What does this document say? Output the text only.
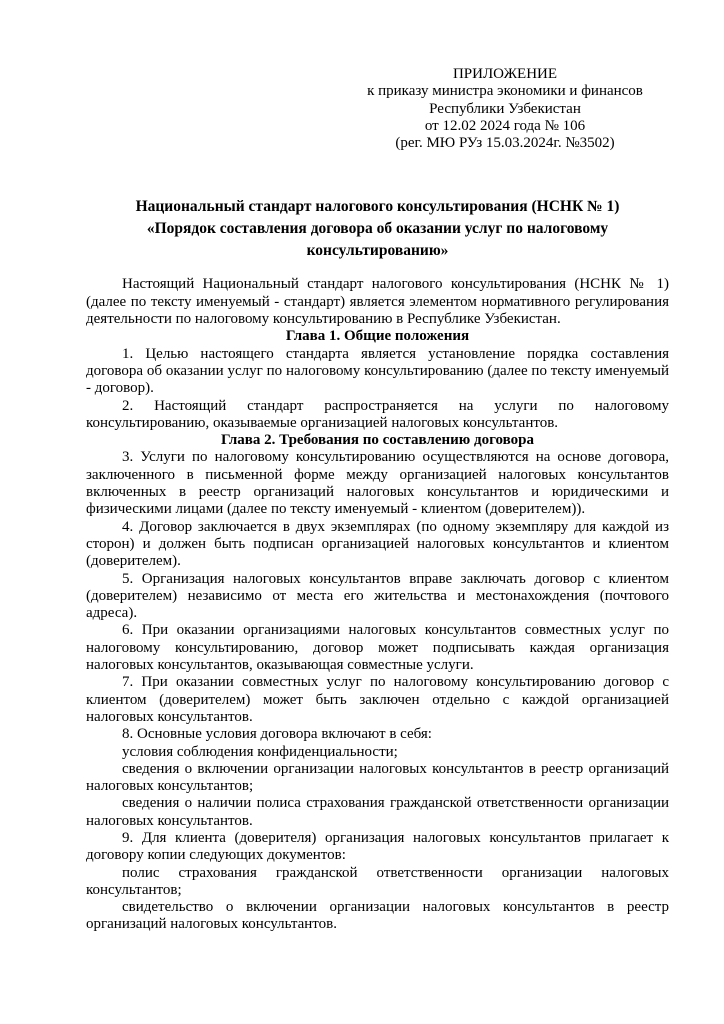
ПРИЛОЖЕНИЕ
к приказу министра экономики и финансов
Республики Узбекистан
от 12.02 2024 года № 106
(рег. МЮ РУз 15.03.2024г. №3502)
Национальный стандарт налогового консультирования (НСНК № 1)
«Порядок составления договора об оказании услуг по налоговому консультированию»

Настоящий Национальный стандарт налогового консультирования (НСНК № 1) (далее по тексту именуемый - стандарт) является элементом нормативного регулирования деятельности по налоговому консультированию в Республике Узбекистан.

Глава 1. Общие положения

1. Целью настоящего стандарта является установление порядка составления договора об оказании услуг по налоговому консультированию (далее по тексту именуемый - договор).

2. Настоящий стандарт распространяется на услуги по налоговому консультированию, оказываемые организацией налоговых консультантов.

Глава 2. Требования по составлению договора

3. Услуги по налоговому консультированию осуществляются на основе договора, заключенного в письменной форме между организацией налоговых консультантов включенных в реестр организаций налоговых консультантов и юридическими и физическими лицами (далее по тексту именуемый - клиентом (доверителем)).

4. Договор заключается в двух экземплярах (по одному экземпляру для каждой из сторон) и должен быть подписан организацией налоговых консультантов и клиентом (доверителем).

5. Организация налоговых консультантов вправе заключать договор с клиентом (доверителем) независимо от места его жительства и местонахождения (почтового адреса).

6. При оказании организациями налоговых консультантов совместных услуг по налоговому консультированию, договор может подписывать каждая организация налоговых консультантов, оказывающая совместные услуги.

7. При оказании совместных услуг по налоговому консультированию договор с клиентом (доверителем) может быть заключен отдельно с каждой организацией налоговых консультантов.

8. Основные условия договора включают в себя:

условия соблюдения конфиденциальности;

сведения о включении организации налоговых консультантов в реестр организаций налоговых консультантов;

сведения о наличии полиса страхования гражданской ответственности организации налоговых консультантов.

9. Для клиента (доверителя) организация налоговых консультантов прилагает к договору копии следующих документов:

полис страхования гражданской ответственности организации налоговых консультантов;

свидетельство о включении организации налоговых консультантов в реестр организаций налоговых консультантов.
